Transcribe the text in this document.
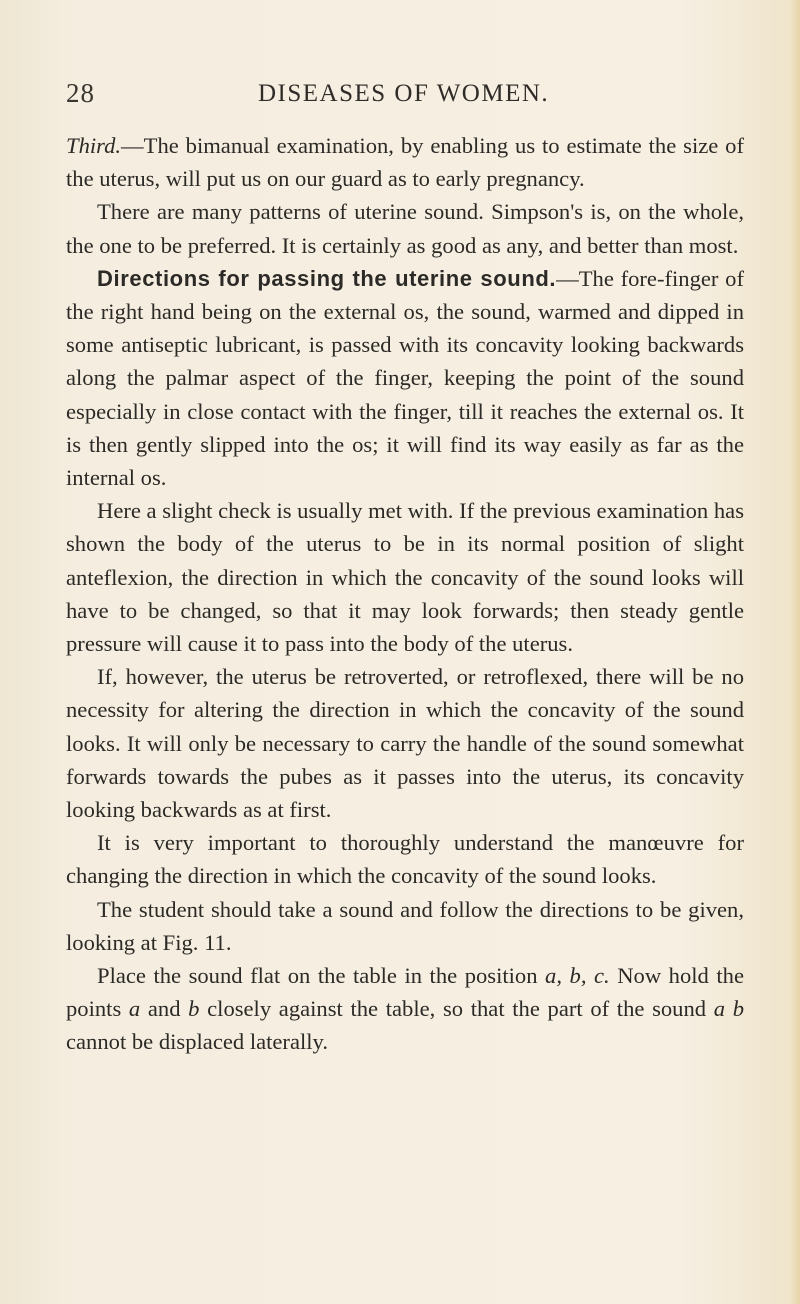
28	DISEASES OF WOMEN.

Third.—The bimanual examination, by enabling us to estimate the size of the uterus, will put us on our guard as to early pregnancy.

There are many patterns of uterine sound. Simpson's is, on the whole, the one to be preferred. It is certainly as good as any, and better than most.

Directions for passing the uterine sound.—The fore-finger of the right hand being on the external os, the sound, warmed and dipped in some antiseptic lubricant, is passed with its concavity looking backwards along the palmar aspect of the finger, keeping the point of the sound especially in close contact with the finger, till it reaches the external os. It is then gently slipped into the os; it will find its way easily as far as the internal os.

Here a slight check is usually met with. If the previous examination has shown the body of the uterus to be in its normal position of slight anteflexion, the direction in which the concavity of the sound looks will have to be changed, so that it may look forwards; then steady gentle pressure will cause it to pass into the body of the uterus.

If, however, the uterus be retroverted, or retroflexed, there will be no necessity for altering the direction in which the concavity of the sound looks. It will only be necessary to carry the handle of the sound somewhat forwards towards the pubes as it passes into the uterus, its concavity looking backwards as at first.

It is very important to thoroughly understand the manœuvre for changing the direction in which the concavity of the sound looks.

The student should take a sound and follow the directions to be given, looking at Fig. 11.

Place the sound flat on the table in the position a, b, c. Now hold the points a and b closely against the table, so that the part of the sound a b cannot be displaced laterally.
